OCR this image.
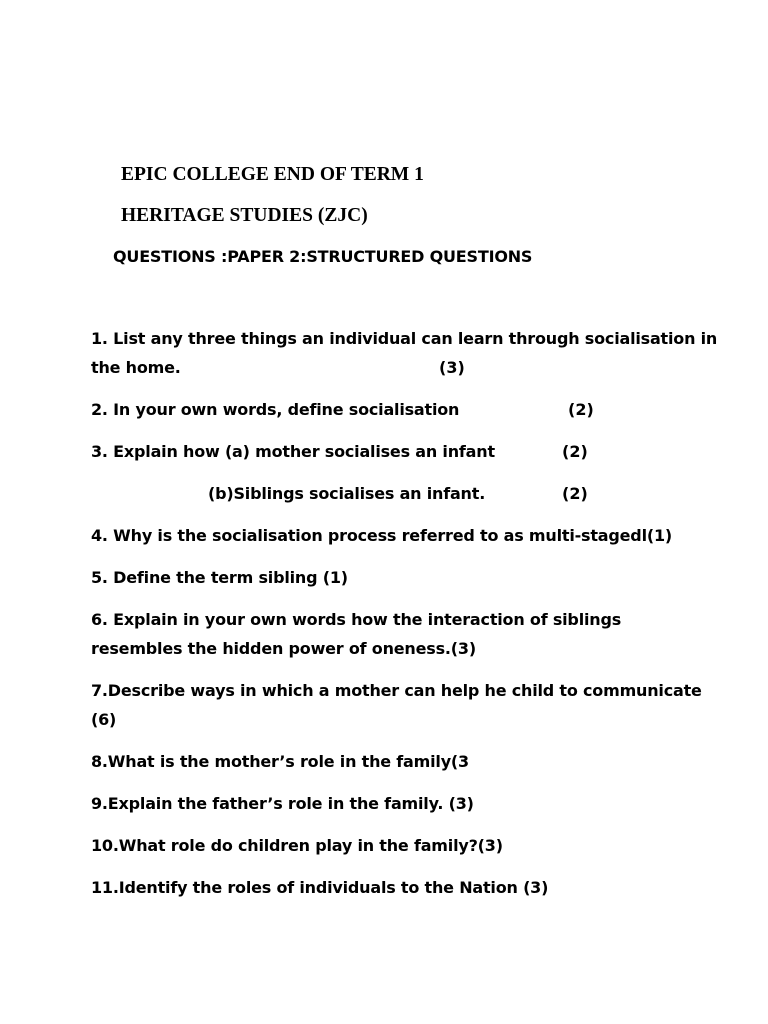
EPIC COLLEGE END OF TERM 1
HERITAGE STUDIES (ZJC)
QUESTIONS :PAPER 2:STRUCTURED QUESTIONS
1. List any three things an individual can learn through socialisation in
the home.	(3)
2. In your own words, define socialisation	(2)
3. Explain how (a) mother socialises an infant	(2)
(b)Siblings socialises an infant.	(2)
4. Why is the socialisation process referred to as multi-stagedl(1)
5. Define the term sibling (1)
6. Explain in your own words how the interaction of siblings
resembles the hidden power of oneness.(3)
7.Describe ways in which a mother can help he child to communicate
(6)
8.What is the mother’s role in the family(3
9.Explain the father’s role in the family. (3)
10.What role do children play in the family?(3)
11.Identify the roles of individuals to the Nation (3)
